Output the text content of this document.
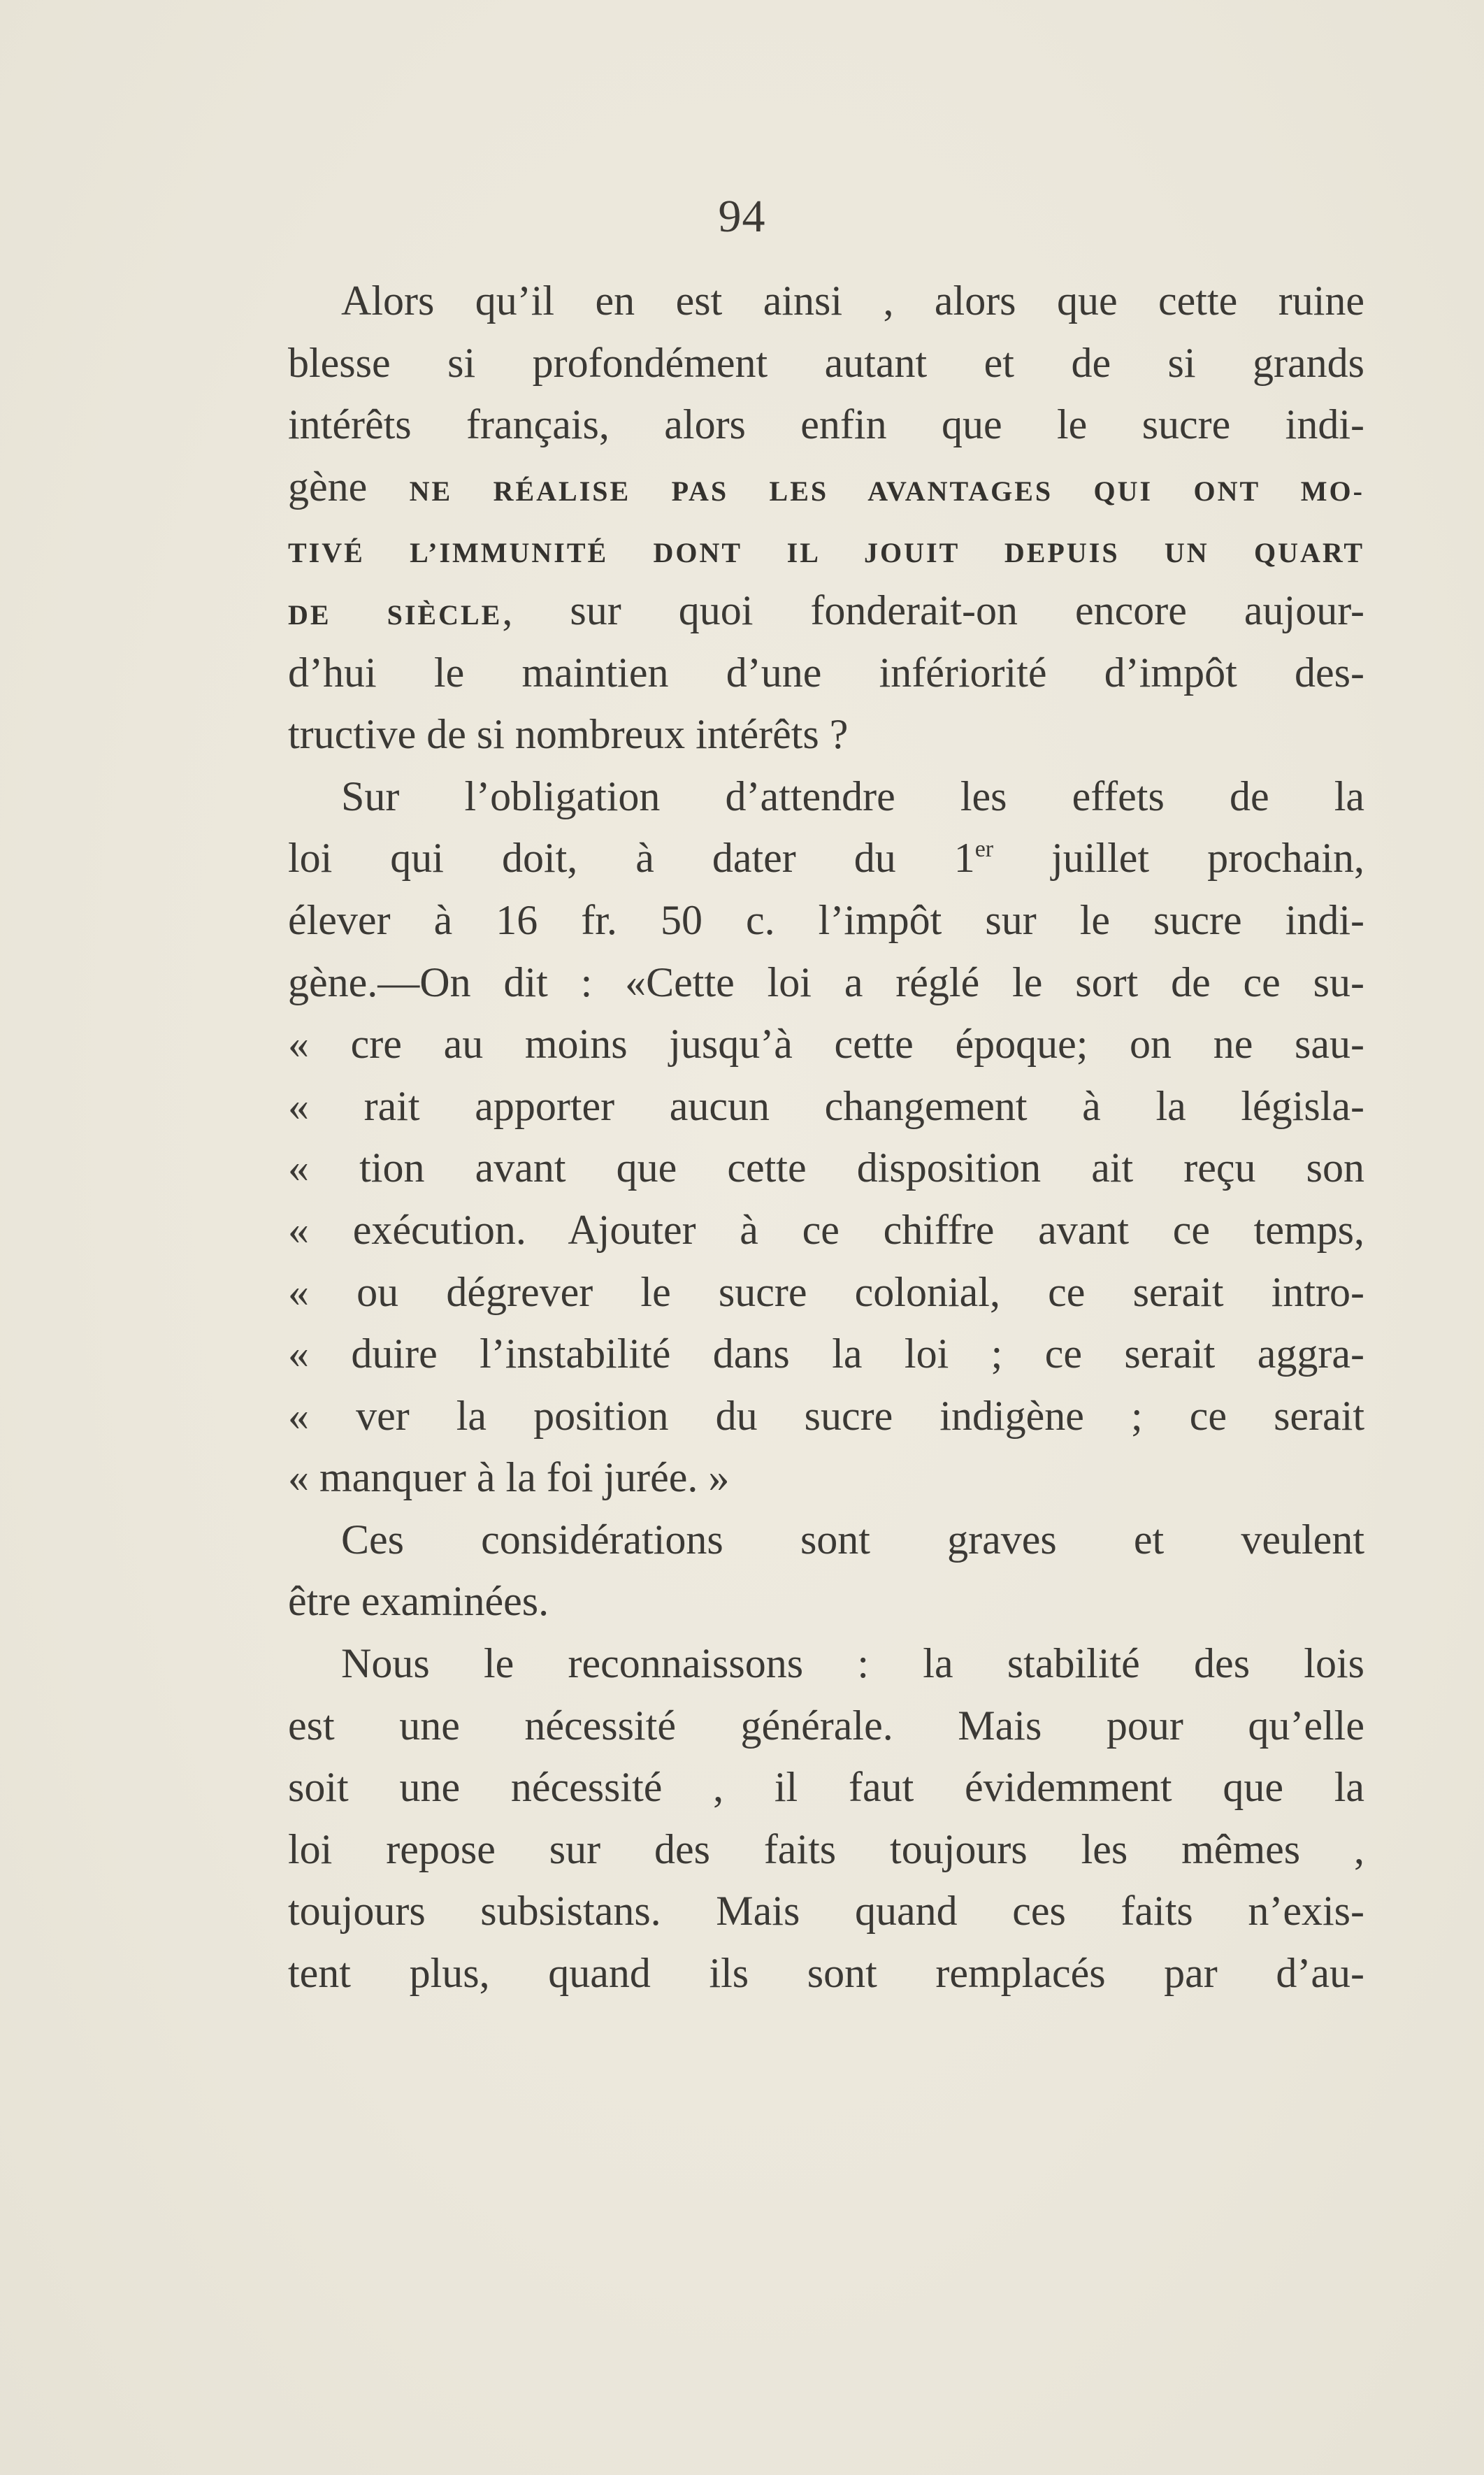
94
Alors qu’il en est ainsi , alors que cette ruine
blesse si profondément autant et de si grands
intérêts français, alors enfin que le sucre indi-
gène NE RÉALISE PAS LES AVANTAGES QUI ONT MO-
TIVÉ L’IMMUNITÉ DONT IL JOUIT DEPUIS UN QUART
DE SIÈCLE, sur quoi fonderait-on encore aujour-
d’hui le maintien d’une infériorité d’impôt des-
tructive de si nombreux intérêts ?
Sur l’obligation d’attendre les effets de la
loi qui doit, à dater du 1er juillet prochain,
élever à 16 fr. 50 c. l’impôt sur le sucre indi-
gène.—On dit : «Cette loi a réglé le sort de ce su-
« cre au moins jusqu’à cette époque; on ne sau-
« rait apporter aucun changement à la législa-
« tion avant que cette disposition ait reçu son
« exécution. Ajouter à ce chiffre avant ce temps,
« ou dégrever le sucre colonial, ce serait intro-
« duire l’instabilité dans la loi ; ce serait aggra-
« ver la position du sucre indigène ; ce serait
« manquer à la foi jurée. »
Ces considérations sont graves et veulent
être examinées.
Nous le reconnaissons : la stabilité des lois
est une nécessité générale. Mais pour qu’elle
soit une nécessité , il faut évidemment que la
loi repose sur des faits toujours les mêmes ,
toujours subsistans. Mais quand ces faits n’exis-
tent plus, quand ils sont remplacés par d’au-
